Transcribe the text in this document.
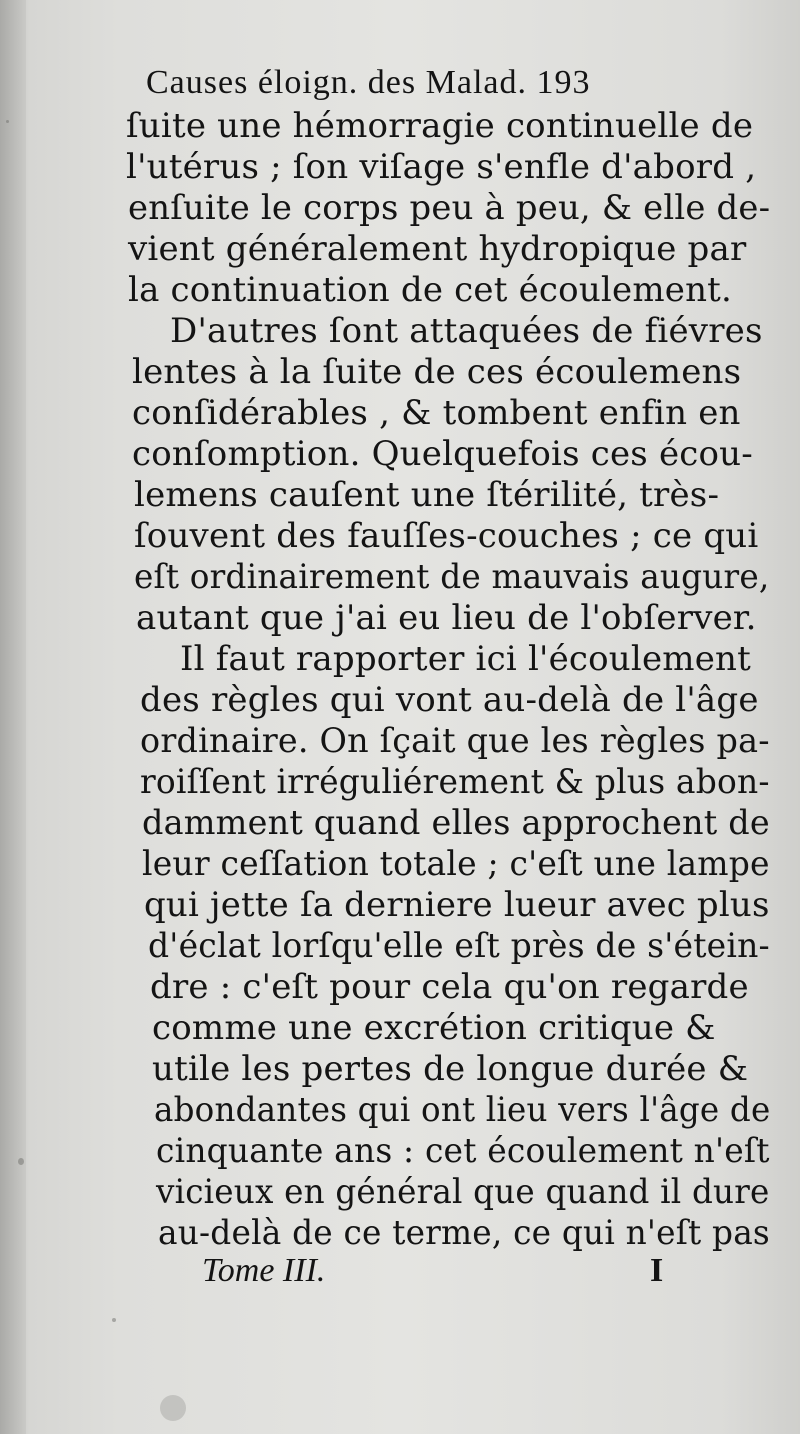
Causes éloign. des Malad. 193
ſuite une hémorragie continuelle de
l'utérus ; ſon viſage s'enfle d'abord ,
enſuite le corps peu à peu, & elle de-
vient généralement hydropique par
la continuation de cet écoulement.
D'autres ſont attaquées de fiévres
lentes à la ſuite de ces écoulemens
conſidérables , & tombent enfin en
conſomption. Quelquefois ces écou-
lemens cauſent une ſtérilité, très-
ſouvent des fauſſes-couches ; ce qui
eſt ordinairement de mauvais augure,
autant que j'ai eu lieu de l'obſerver.
Il faut rapporter ici l'écoulement
des règles qui vont au-delà de l'âge
ordinaire. On ſçait que les règles pa-
roiſſent irréguliérement & plus abon-
damment quand elles approchent de
leur ceſſation totale ; c'eſt une lampe
qui jette ſa derniere lueur avec plus
d'éclat lorſqu'elle eſt près de s'étein-
dre : c'eſt pour cela qu'on regarde
comme une excrétion critique &
utile les pertes de longue durée &
abondantes qui ont lieu vers l'âge de
cinquante ans : cet écoulement n'eſt
vicieux en général que quand il dure
au-delà de ce terme, ce qui n'eſt pas
Tome III.	I
